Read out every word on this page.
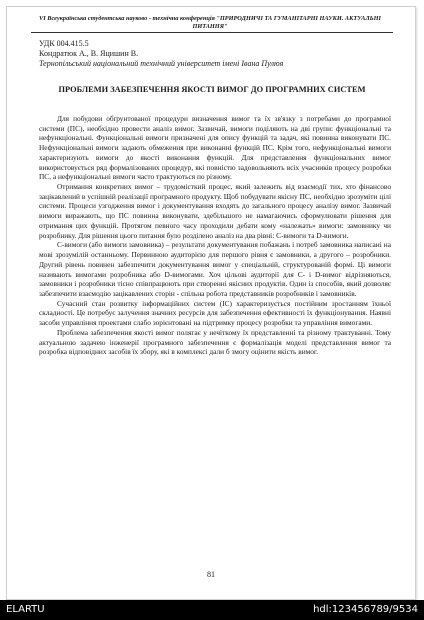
VI Всеукраїнська студентська науково - технічна конференція "ПРИРОДНИЧІ ТА ГУМАНІТАРНІ НАУКИ. АКТУАЛЬНІ ПИТАННЯ"
УДК 004.415.5
Кондратюк А., В. Яцишин В.
Тернопільський національний технічний університет імені Івана Пулюя
ПРОБЛЕМИ ЗАБЕЗПЕЧЕННЯ ЯКОСТІ ВИМОГ ДО ПРОГРАМНИХ СИСТЕМ

Для побудови обґрунтованої процедури визначення вимог та їх зв'язку з потребами до програмної системи (ПС), необхідно провести аналіз вимог. Зазвичай, вимоги поділяють на дві групи: функціональні та нефункціональні. Функціональні вимоги призначені для опису функцій та задач, які повинна виконувати ПС. Нефункціональні вимоги задають обмеження при виконанні функцій ПС. Крім того, нефункціональні вимоги характеризують вимоги до якості виконання функцій. Для представлення функціональних вимог використовується ряд формалізованих процедур, які повністю задовольняють всіх учасників процесу розробки ПС, а нефункціональні вимоги часто трактуються по різному.

Отримання конкретних вимог – трудомісткий процес, який залежить від взаємодії тих, хто фінансово зацікавлений в успішній реалізації програмного продукту. Щоб побудувати якісну ПС, необхідно зрозуміти цілі системи. Процеси узгодження вимог і документування входять до загального процесу аналізу вимог. Зазвичай вимоги виражають, що ПС повинна виконувати, здебільшого не намагаючись сформулювати рішення для отримання цих функцій. Протягом певного часу проходили дебати кому «належать» вимоги: замовнику чи розробнику. Для рішення цього питання було розділено аналіз на два рівні: С-вимоги та D-вимоги.

С-вимоги (або вимоги замовника) – результати документування побажань і потреб замовника написані на мові зрозумілій останньому. Первинною аудиторією для першого рівня є замовники, а другого – розробники. Другий рівень повинен забезпечити документування вимог у спеціальній, структурованій формі. Ці вимоги називають вимогами розробника або D-вимогами. Хоч цільові аудиторії для С- і D-вимог відрізняються, замовники і розробники тісно співпрацюють при створенні якісних продуктів. Один із способів, який дозволяє забезпечити взаємодію зацікавлених сторін - спільна робота представників розробників і замовників.

Сучасний стан розвитку інформаційних систем (ІС) характеризується постійним зростанням їхньої складності. Це потребує залучення значних ресурсів для забезпечення ефективності їх функціонування. Наявні засоби управління проектами слабо зорієнтовані на підтримку процесу розробки та управління вимогами.

Проблема забезпечення якості вимог полягає у нечіткому їх представленні та різному трактуванні. Тому актуальною задачею інженерії програмного забезпечення є формалізація моделі представлення вимог та розробка відповідних засобів їх збору, які в комплексі дали б змогу оцінити якість вимог.

81
ELARTU	hdl:123456789/9534
